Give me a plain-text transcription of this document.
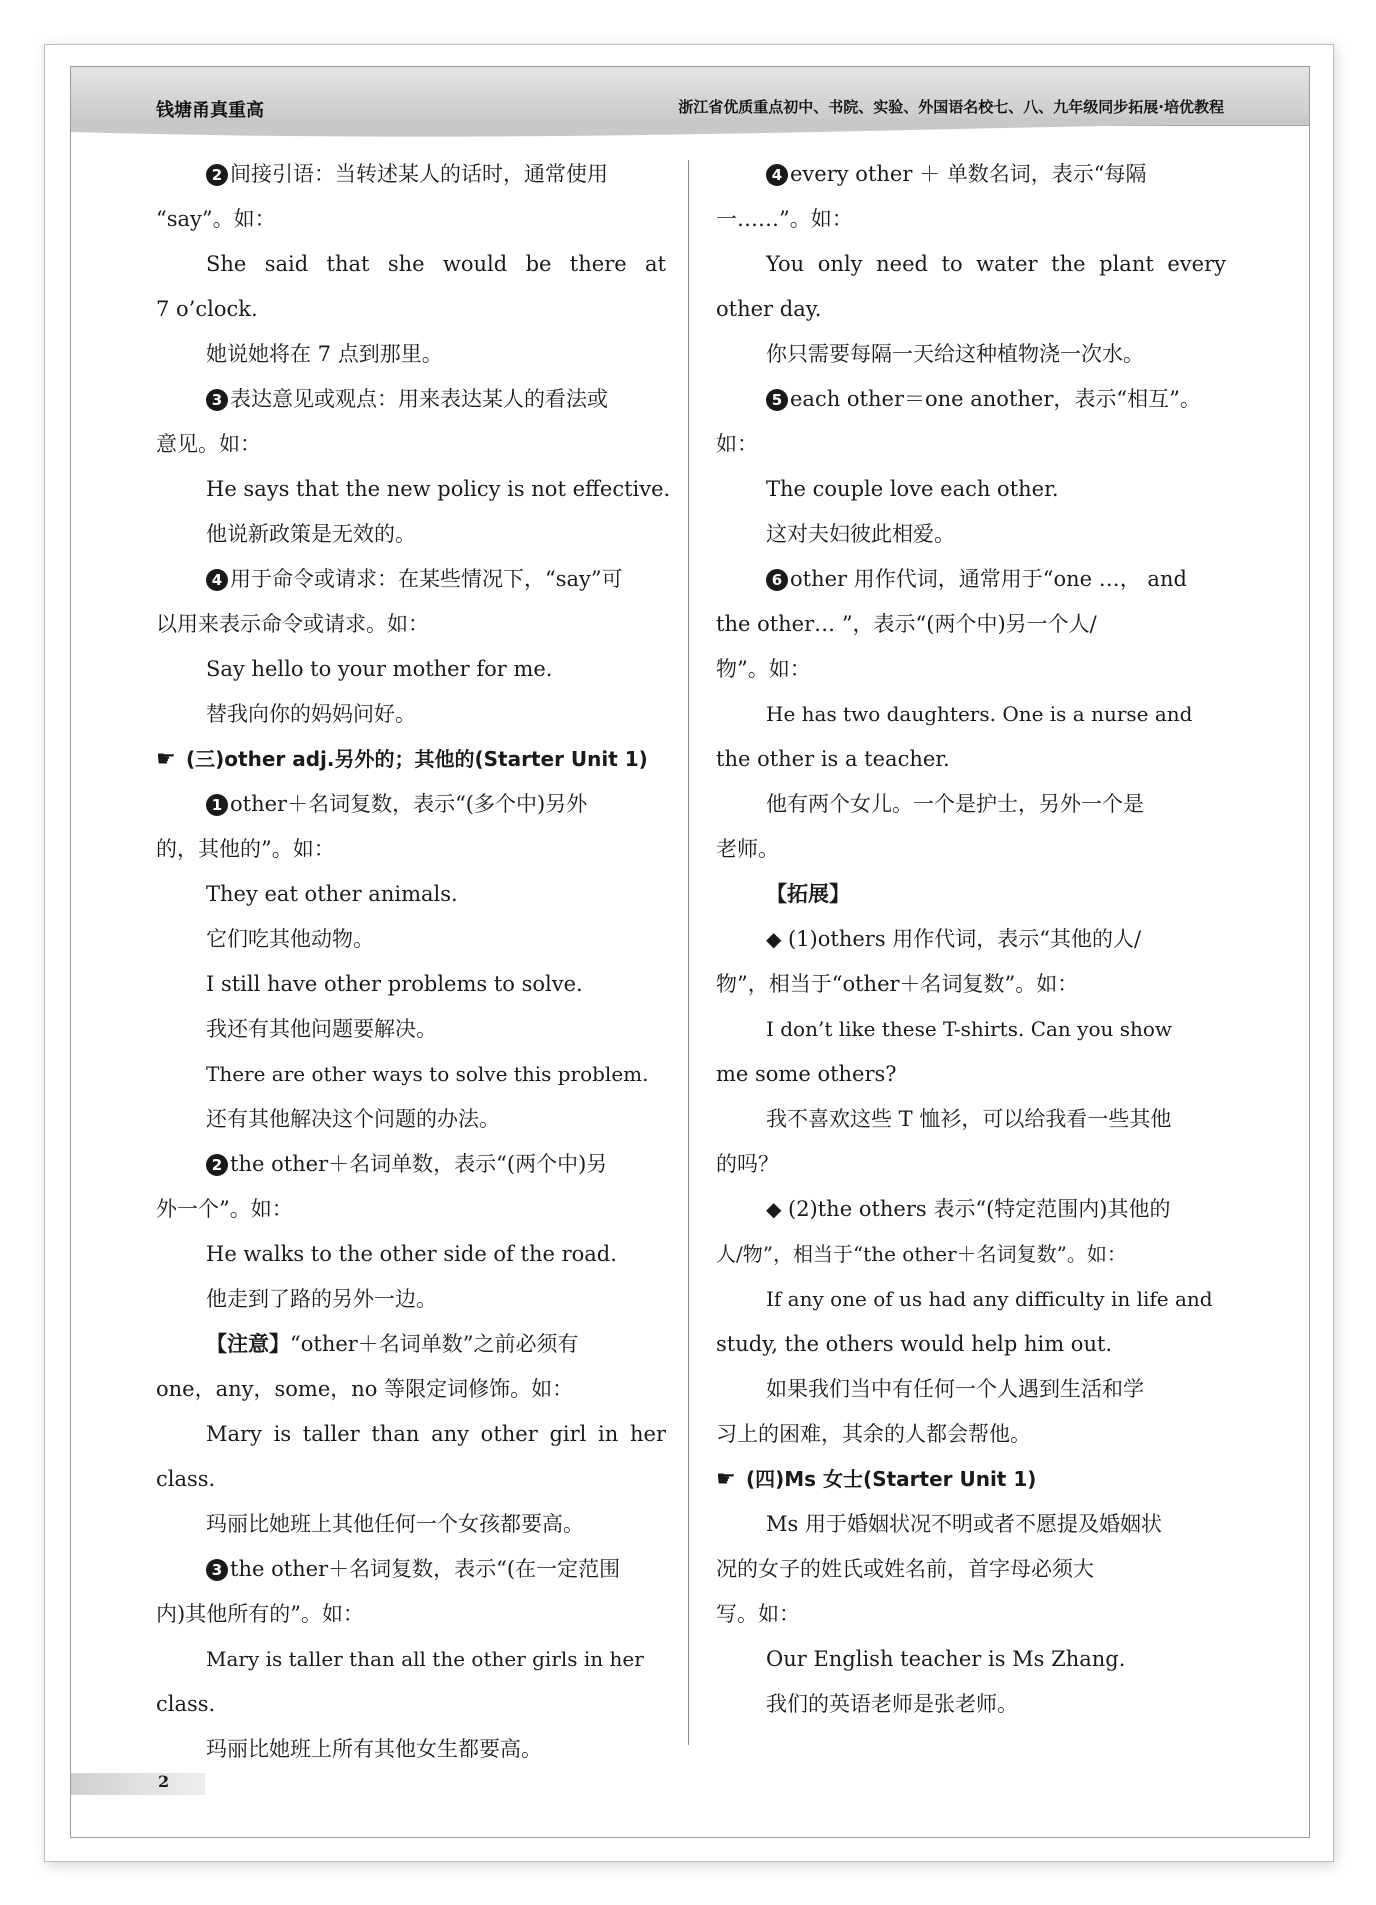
钱塘甬真重高	浙江省优质重点初中、书院、实验、外国语名校七、八、九年级同步拓展·培优教程
2 间接引语：当转述某人的话时，通常使用
“say”。如：
She said that she would be there at
7 o’clock.
她说她将在 7 点到那里。
3 表达意见或观点：用来表达某人的看法或
意见。如：
He says that the new policy is not effective.
他说新政策是无效的。
4 用于命令或请求：在某些情况下，“say”可
以用来表示命令或请求。如：
Say hello to your mother for me.
替我向你的妈妈问好。
☛ (三)other adj.另外的；其他的(Starter Unit 1)
1 other＋名词复数，表示“(多个中)另外
的，其他的”。如：
They eat other animals.
它们吃其他动物。
I still have other problems to solve.
我还有其他问题要解决。
There are other ways to solve this problem.
还有其他解决这个问题的办法。
2 the other＋名词单数，表示“(两个中)另
外一个”。如：
He walks to the other side of the road.
他走到了路的另外一边。
【注意】“other＋名词单数”之前必须有
one，any，some，no 等限定词修饰。如：
Mary is taller than any other girl in her
class.
玛丽比她班上其他任何一个女孩都要高。
3 the other＋名词复数，表示“(在一定范围
内)其他所有的”。如：
Mary is taller than all the other girls in her
class.
玛丽比她班上所有其他女生都要高。
4 every other ＋ 单数名词，表示“每隔
一……”。如：
You only need to water the plant every
other day.
你只需要每隔一天给这种植物浇一次水。
5 each other＝one another，表示“相互”。
如：
The couple love each other.
这对夫妇彼此相爱。
6 other 用作代词，通常用于“one …， and
the other… ”，表示“(两个中)另一个人/
物”。如：
He has two daughters. One is a nurse and
the other is a teacher.
他有两个女儿。一个是护士，另外一个是
老师。
【拓展】
◆ (1)others 用作代词，表示“其他的人/
物”，相当于“other＋名词复数”。如：
I don’t like these T-shirts. Can you show
me some others?
我不喜欢这些 T 恤衫，可以给我看一些其他
的吗？
◆ (2)the others 表示“(特定范围内)其他的
人/物”，相当于“the other＋名词复数”。如：
If any one of us had any difficulty in life and
study, the others would help him out.
如果我们当中有任何一个人遇到生活和学
习上的困难，其余的人都会帮他。
☛ (四)Ms 女士(Starter Unit 1)
Ms 用于婚姻状况不明或者不愿提及婚姻状
况的女子的姓氏或姓名前，首字母必须大
写。如：
Our English teacher is Ms Zhang.
我们的英语老师是张老师。
2
